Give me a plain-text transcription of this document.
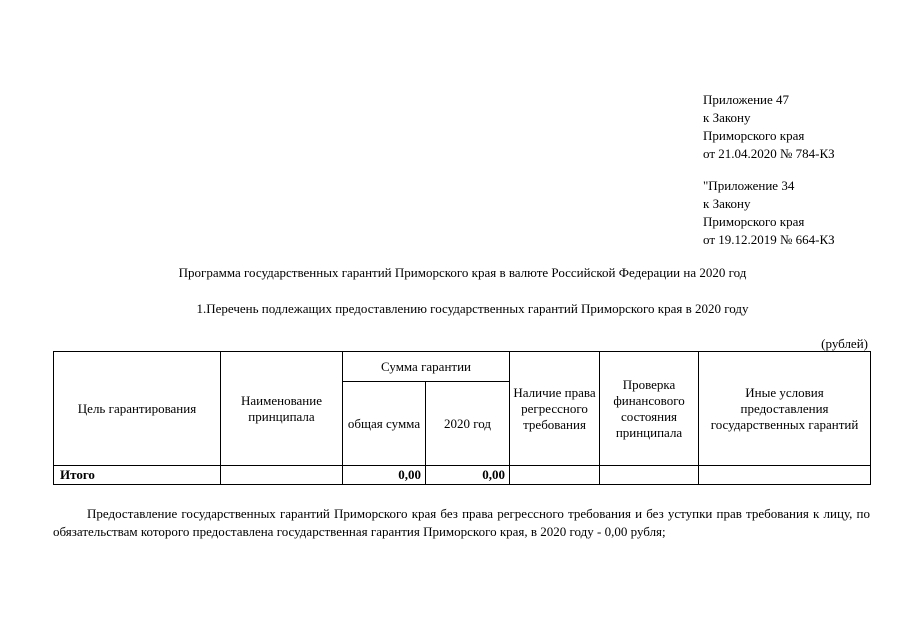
Приложение 47
к Закону
Приморского края
от 21.04.2020 № 784-КЗ
"Приложение 34
к Закону
Приморского края
от 19.12.2019 № 664-КЗ
Программа государственных гарантий Приморского края в валюте Российской Федерации на 2020 год
1.Перечень подлежащих предоставлению государственных гарантий Приморского края в 2020 году
(рублей)
Цель гарантирования	Наименование принципала	Сумма гарантии		Наличие права регрессного требования	Проверка финансового состояния принципала	Иные условия предоставления государственных гарантий
		общая сумма	2020 год			
Итого		0,00	0,00			
Предоставление государственных гарантий Приморского края без права регрессного требования и без уступки прав требования к лицу, по обязательствам которого предоставлена государственная гарантия Приморского края, в 2020 году - 0,00 рубля;
